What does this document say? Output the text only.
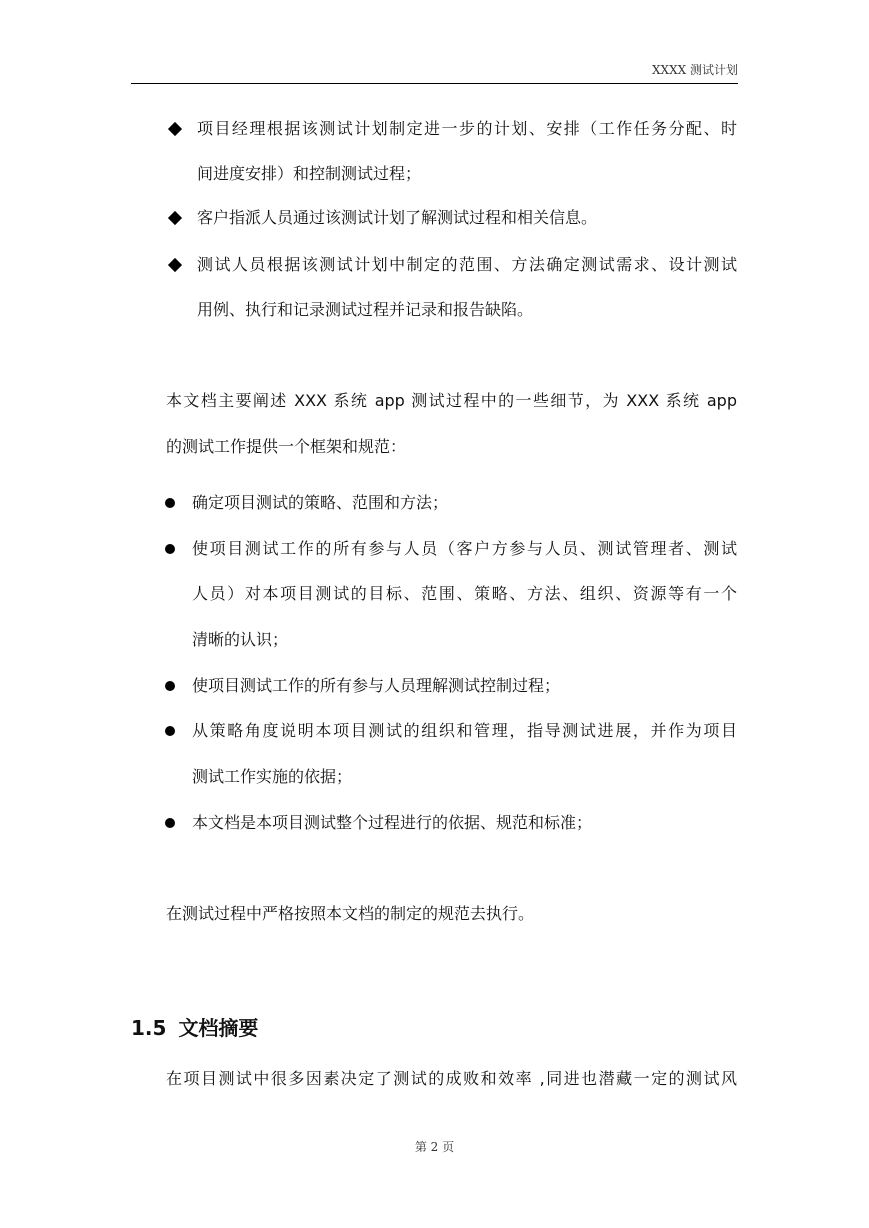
XXXX 测试计划
项目经理根据该测试计划制定进一步的计划、安排（工作任务分配、时
间进度安排）和控制测试过程；
客户指派人员通过该测试计划了解测试过程和相关信息。
测试人员根据该测试计划中制定的范围、方法确定测试需求、设计测试
用例、执行和记录测试过程并记录和报告缺陷。
本文档主要阐述 XXX 系统 app 测试过程中的一些细节，为 XXX 系统 app
的测试工作提供一个框架和规范：
确定项目测试的策略、范围和方法；
使项目测试工作的所有参与人员（客户方参与人员、测试管理者、测试
人员）对本项目测试的目标、范围、策略、方法、组织、资源等有一个
清晰的认识；
使项目测试工作的所有参与人员理解测试控制过程；
从策略角度说明本项目测试的组织和管理，指导测试进展，并作为项目
测试工作实施的依据；
本文档是本项目测试整个过程进行的依据、规范和标准；
在测试过程中严格按照本文档的制定的规范去执行。
1.5 文档摘要
在项目测试中很多因素决定了测试的成败和效率 ,同进也潜藏一定的测试风
第 2 页
